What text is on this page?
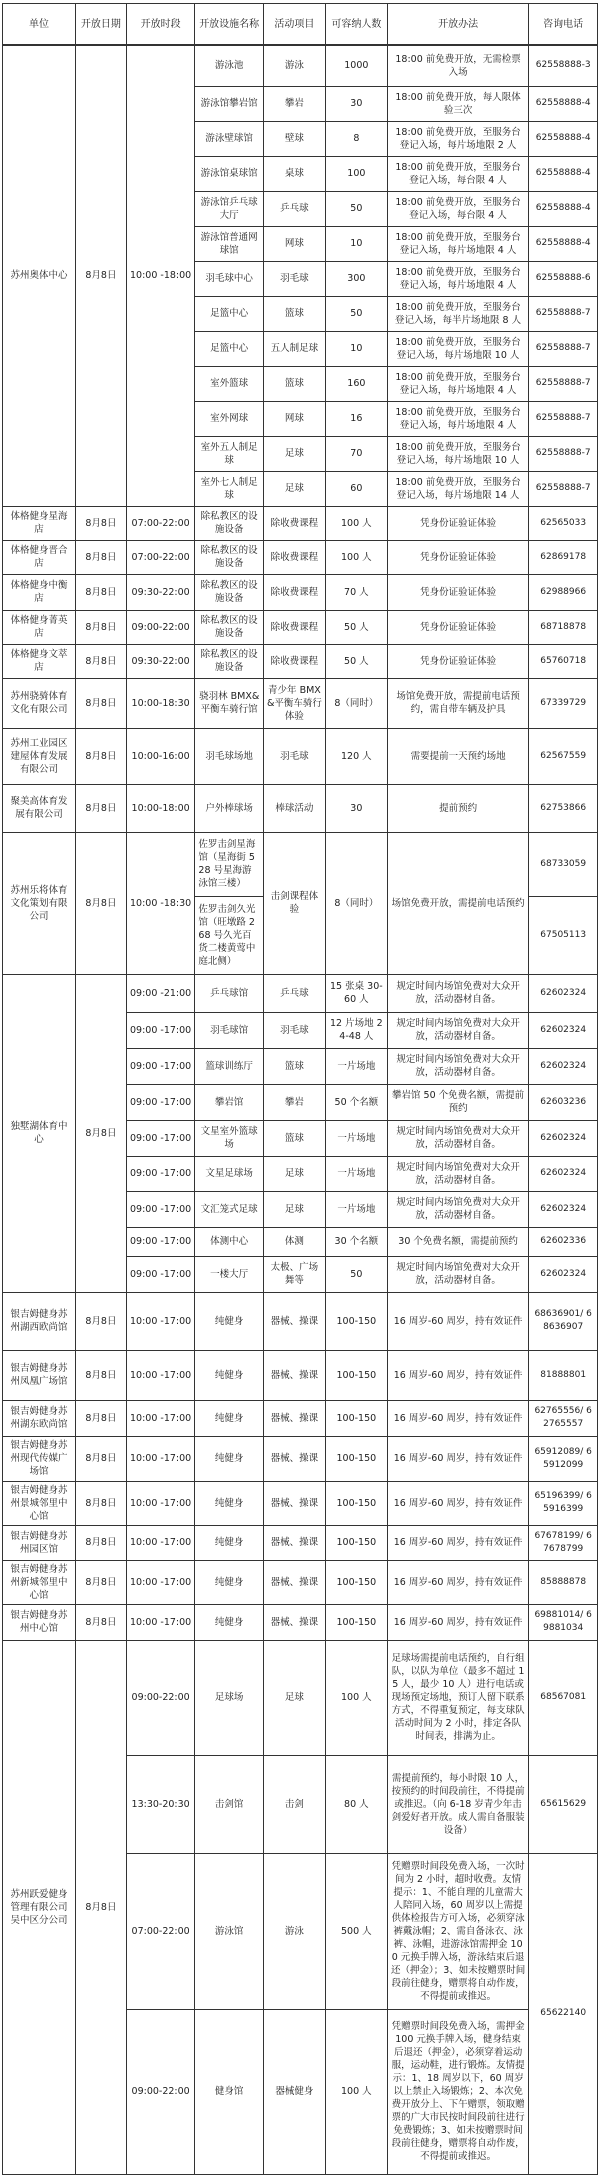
单位	开放日期	开放时段	开放设施名称	活动项目	可容纳人数	开放办法	咨询电话
苏州奥体中心	8月8日	10:00 -18:00	游泳池	游泳	1000	18:00 前免费开放，无需检票入场	62558888-3
			游泳馆攀岩馆	攀岩	30	18:00 前免费开放，每人限体验三次	62558888-4
			游泳壁球馆	壁球	8	18:00 前免费开放，至服务台登记入场，每片场地限 2 人	62558888-4
			游泳馆桌球馆	桌球	100	18:00 前免费开放，至服务台登记入场，每台限 4 人	62558888-4
			游泳馆乒乓球大厅	乒乓球	50	18:00 前免费开放，至服务台登记入场，每台限 4 人	62558888-4
			游泳馆普通网球馆	网球	10	18:00 前免费开放，至服务台登记入场，每片场地限 4 人	62558888-4
			羽毛球中心	羽毛球	300	18:00 前免费开放，至服务台登记入场，每片场地限 4 人	62558888-6
			足篮中心	篮球	50	18:00 前免费开放，至服务台登记入场，每半片场地限 8 人	62558888-7
			足篮中心	五人制足球	10	18:00 前免费开放，至服务台登记入场，每片场地限 10 人	62558888-7
			室外篮球	篮球	160	18:00 前免费开放，至服务台登记入场，每片场地限 4 人	62558888-7
			室外网球	网球	16	18:00 前免费开放，至服务台登记入场，每片场地限 4 人	62558888-7
			室外五人制足球	足球	70	18:00 前免费开放，至服务台登记入场，每片场地限 10 人	62558888-7
			室外七人制足球	足球	60	18:00 前免费开放，至服务台登记入场，每片场地限 14 人	62558888-7
体格健身星海店	8月8日	07:00-22:00	除私教区的设施设备	除收费课程	100 人	凭身份证验证体验	62565033
体格健身晋合店	8月8日	07:00-22:00	除私教区的设施设备	除收费课程	100 人	凭身份证验证体验	62869178
体格健身中衡店	8月8日	09:30-22:00	除私教区的设施设备	除收费课程	70 人	凭身份证验证体验	62988966
体格健身菁英店	8月8日	09:00-22:00	除私教区的设施设备	除收费课程	50 人	凭身份证验证体验	68718878
体格健身文萃店	8月8日	09:30-22:00	除私教区的设施设备	除收费课程	50 人	凭身份证验证体验	65760718
苏州骁骑体育文化有限公司	8月8日	10:00-18:30	骁羽林 BMX&平衡车骑行馆	青少年 BMX&平衡车骑行体验	8（同时）	场馆免费开放，需提前电话预约，需自带车辆及护具	67339729
苏州工业园区建屋体育发展有限公司	8月8日	10:00-16:00	羽毛球场地	羽毛球	120 人	需要提前一天预约场地	62567559
聚美高体育发展有限公司	8月8日	10:00-18:00	户外棒球场	棒球活动	30	提前预约	62753866
苏州乐将体育文化策划有限公司	8月8日	10:00 -18:30	佐罗击剑星海馆（星海街 528 号星海游泳馆三楼）	击剑课程体验	8（同时）	场馆免费开放，需提前电话预约	68733059
			佐罗击剑久光馆（旺墩路 268 号久光百货二楼黄莺中庭北侧）				67505113
独墅湖体育中心	8月8日	09:00 -21:00	乒乓球馆	乒乓球	15 张桌 30-60 人	规定时间内场馆免费对大众开放，活动器材自备。	62602324
		09:00 -17:00	羽毛球馆	羽毛球	12 片场地 24-48 人	规定时间内场馆免费对大众开放，活动器材自备。	62602324
		09:00 -17:00	篮球训练厅	篮球	一片场地	规定时间内场馆免费对大众开放，活动器材自备。	62602324
		09:00 -17:00	攀岩馆	攀岩	50 个名额	攀岩馆 50 个免费名额，需提前预约	62603236
		09:00 -17:00	文星室外篮球场	篮球	一片场地	规定时间内场馆免费对大众开放，活动器材自备。	62602324
		09:00 -17:00	文星足球场	足球	一片场地	规定时间内场馆免费对大众开放，活动器材自备。	62602324
		09:00 -17:00	文汇笼式足球	足球	一片场地	规定时间内场馆免费对大众开放，活动器材自备。	62602324
		09:00 -17:00	体测中心	体测	30 个名额	30 个免费名额，需提前预约	62602336
		09:00 -17:00	一楼大厅	太极、广场舞等	50	规定时间内场馆免费对大众开放，活动器材自备。	62602324
银吉姆健身苏州湖西欧尚馆	8月8日	10:00 -17:00	纯健身	器械、操课	100-150	16 周岁-60 周岁，持有效证件	68636901/ 68636907
银吉姆健身苏州凤凰广场馆	8月8日	10:00 -17:00	纯健身	器械、操课	100-150	16 周岁-60 周岁，持有效证件	81888801
银吉姆健身苏州湖东欧尚馆	8月8日	10:00 -17:00	纯健身	器械、操课	100-150	16 周岁-60 周岁，持有效证件	62765556/ 62765557
银吉姆健身苏州现代传媒广场馆	8月8日	10:00 -17:00	纯健身	器械、操课	100-150	16 周岁-60 周岁，持有效证件	65912089/ 65912099
银吉姆健身苏州景城邻里中心馆	8月8日	10:00 -17:00	纯健身	器械、操课	100-150	16 周岁-60 周岁，持有效证件	65196399/ 65916399
银吉姆健身苏州园区馆	8月8日	10:00 -17:00	纯健身	器械、操课	100-150	16 周岁-60 周岁，持有效证件	67678199/ 67678799
银吉姆健身苏州新城邻里中心馆	8月8日	10:00 -17:00	纯健身	器械、操课	100-150	16 周岁-60 周岁，持有效证件	85888878
银吉姆健身苏州中心馆	8月8日	10:00 -17:00	纯健身	器械、操课	100-150	16 周岁-60 周岁，持有效证件	69881014/ 69881034
苏州跃爱健身管理有限公司吴中区分公司	8月8日	09:00-22:00	足球场	足球	100 人	足球场需提前电话预约，自行组队，以队为单位（最多不超过 15 人，最少 10 人）进行电话或现场预定场地，预订人留下联系方式，不得重复预定，每支球队活动时间为 2 小时，排定各队时间表，排满为止。	68567081
		13:30-20:30	击剑馆	击剑	80 人	需提前预约，每小时限 10 人，按预约的时间段前往，不得提前或推迟。（向 6-18 岁青少年击剑爱好者开放。成人需自备服装设备）	65615629
		07:00-22:00	游泳馆	游泳	500 人	凭赠票时间段免费入场，一次时间为 2 小时，超时收费。友情提示：1、不能自理的儿童需大人陪同入场，60 周岁以上需提供体检报告方可入场，必须穿泳裤戴泳帽；2、需自备泳衣、泳裤、泳帽，进游泳馆需押金 100 元换手牌入场，游泳结束后退还（押金）；3、如未按赠票时间段前往健身，赠票将自动作废，不得提前或推迟。	65622140
		09:00-22:00	健身馆	器械健身	100 人	凭赠票时间段免费入场，需押金 100 元换手牌入场，健身结束后退还（押金），必须穿着运动服，运动鞋，进行锻炼。友情提示：1、18 周岁以下，60 周岁以上禁止入场锻炼；2、本次免费开放分上、下午赠票，领取赠票的广大市民按时间段前往进行免费锻炼；3、如未按赠票时间段前往健身，赠票将自动作废，不得提前或推迟。	
